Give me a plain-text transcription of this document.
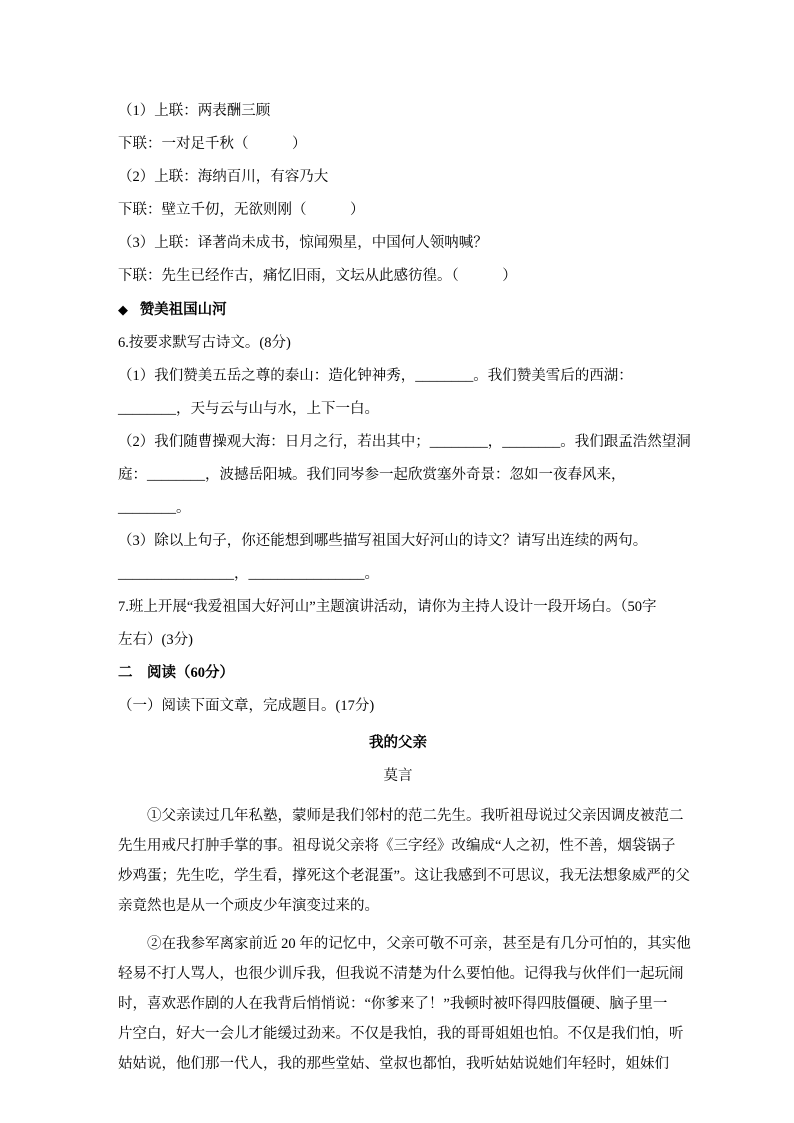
（1）上联：两表酬三顾
下联：一对足千秋（　　　）
（2）上联：海纳百川，有容乃大
下联：壁立千仞，无欲则刚（　　　）
（3）上联：译著尚未成书，惊闻殒星，中国何人领呐喊？
下联：先生已经作古，痛忆旧雨，文坛从此感彷徨。（　　　）
◆ 赞美祖国山河
6.按要求默写古诗文。(8分)
（1）我们赞美五岳之尊的泰山：造化钟神秀，________。我们赞美雪后的西湖：
________，天与云与山与水，上下一白。
（2）我们随曹操观大海：日月之行，若出其中；________，________。我们跟孟浩然望洞
庭：________，波撼岳阳城。我们同岑参一起欣赏塞外奇景：忽如一夜春风来，
________。
（3）除以上句子，你还能想到哪些描写祖国大好河山的诗文？请写出连续的两句。
________________，________________。
7.班上开展“我爱祖国大好河山”主题演讲活动，请你为主持人设计一段开场白。（50字
左右）(3分)
二　阅读（60分）
（一）阅读下面文章，完成题目。(17分)
我的父亲
莫言
①父亲读过几年私塾，蒙师是我们邻村的范二先生。我听祖母说过父亲因调皮被范二
先生用戒尺打肿手掌的事。祖母说父亲将《三字经》改编成“人之初，性不善，烟袋锅子
炒鸡蛋；先生吃，学生看，撑死这个老混蛋”。这让我感到不可思议，我无法想象威严的父
亲竟然也是从一个顽皮少年演变过来的。
②在我参军离家前近 20 年的记忆中，父亲可敬不可亲，甚至是有几分可怕的，其实他
轻易不打人骂人，也很少训斥我，但我说不清楚为什么要怕他。记得我与伙伴们一起玩闹
时，喜欢恶作剧的人在我背后悄悄说：“你爹来了！”我顿时被吓得四肢僵硬、脑子里一
片空白，好大一会儿才能缓过劲来。不仅是我怕，我的哥哥姐姐也怕。不仅是我们怕，听
姑姑说，他们那一代人，我的那些堂姑、堂叔也都怕，我听姑姑说她们年轻时，姐妹们
